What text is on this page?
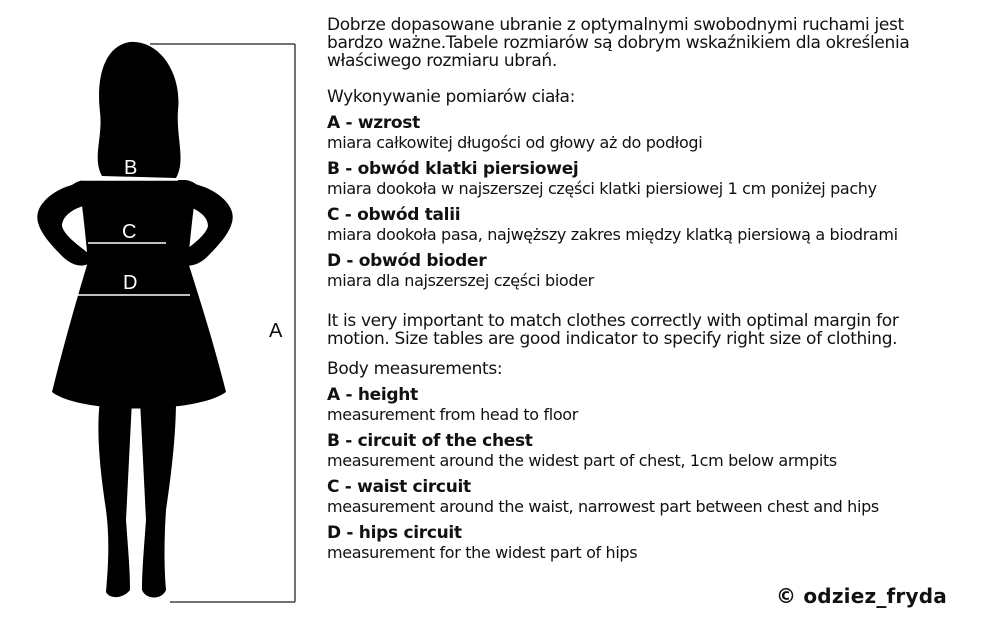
B
C
D
A
Dobrze dopasowane ubranie z optymalnymi swobodnymi ruchami jest
bardzo ważne.Tabele rozmiarów są dobrym wskaźnikiem dla określenia
właściwego rozmiaru ubrań.
Wykonywanie pomiarów ciała:
A - wzrost
miara całkowitej długości od głowy aż do podłogi
B - obwód klatki piersiowej
miara dookoła w najszerszej części klatki piersiowej 1 cm poniżej pachy
C - obwód talii
miara dookoła pasa, najwęższy zakres między klatką piersiową a biodrami
D - obwód bioder
miara dla najszerszej części bioder
It is very important to match clothes correctly with optimal margin for
motion. Size tables are good indicator to specify right size of clothing.
Body measurements:
A - height
measurement from head to floor
B - circuit of the chest
measurement around the widest part of chest, 1cm below armpits
C - waist circuit
measurement around the waist, narrowest part between chest and hips
D - hips circuit
measurement for the widest part of hips
© odziez_fryda
